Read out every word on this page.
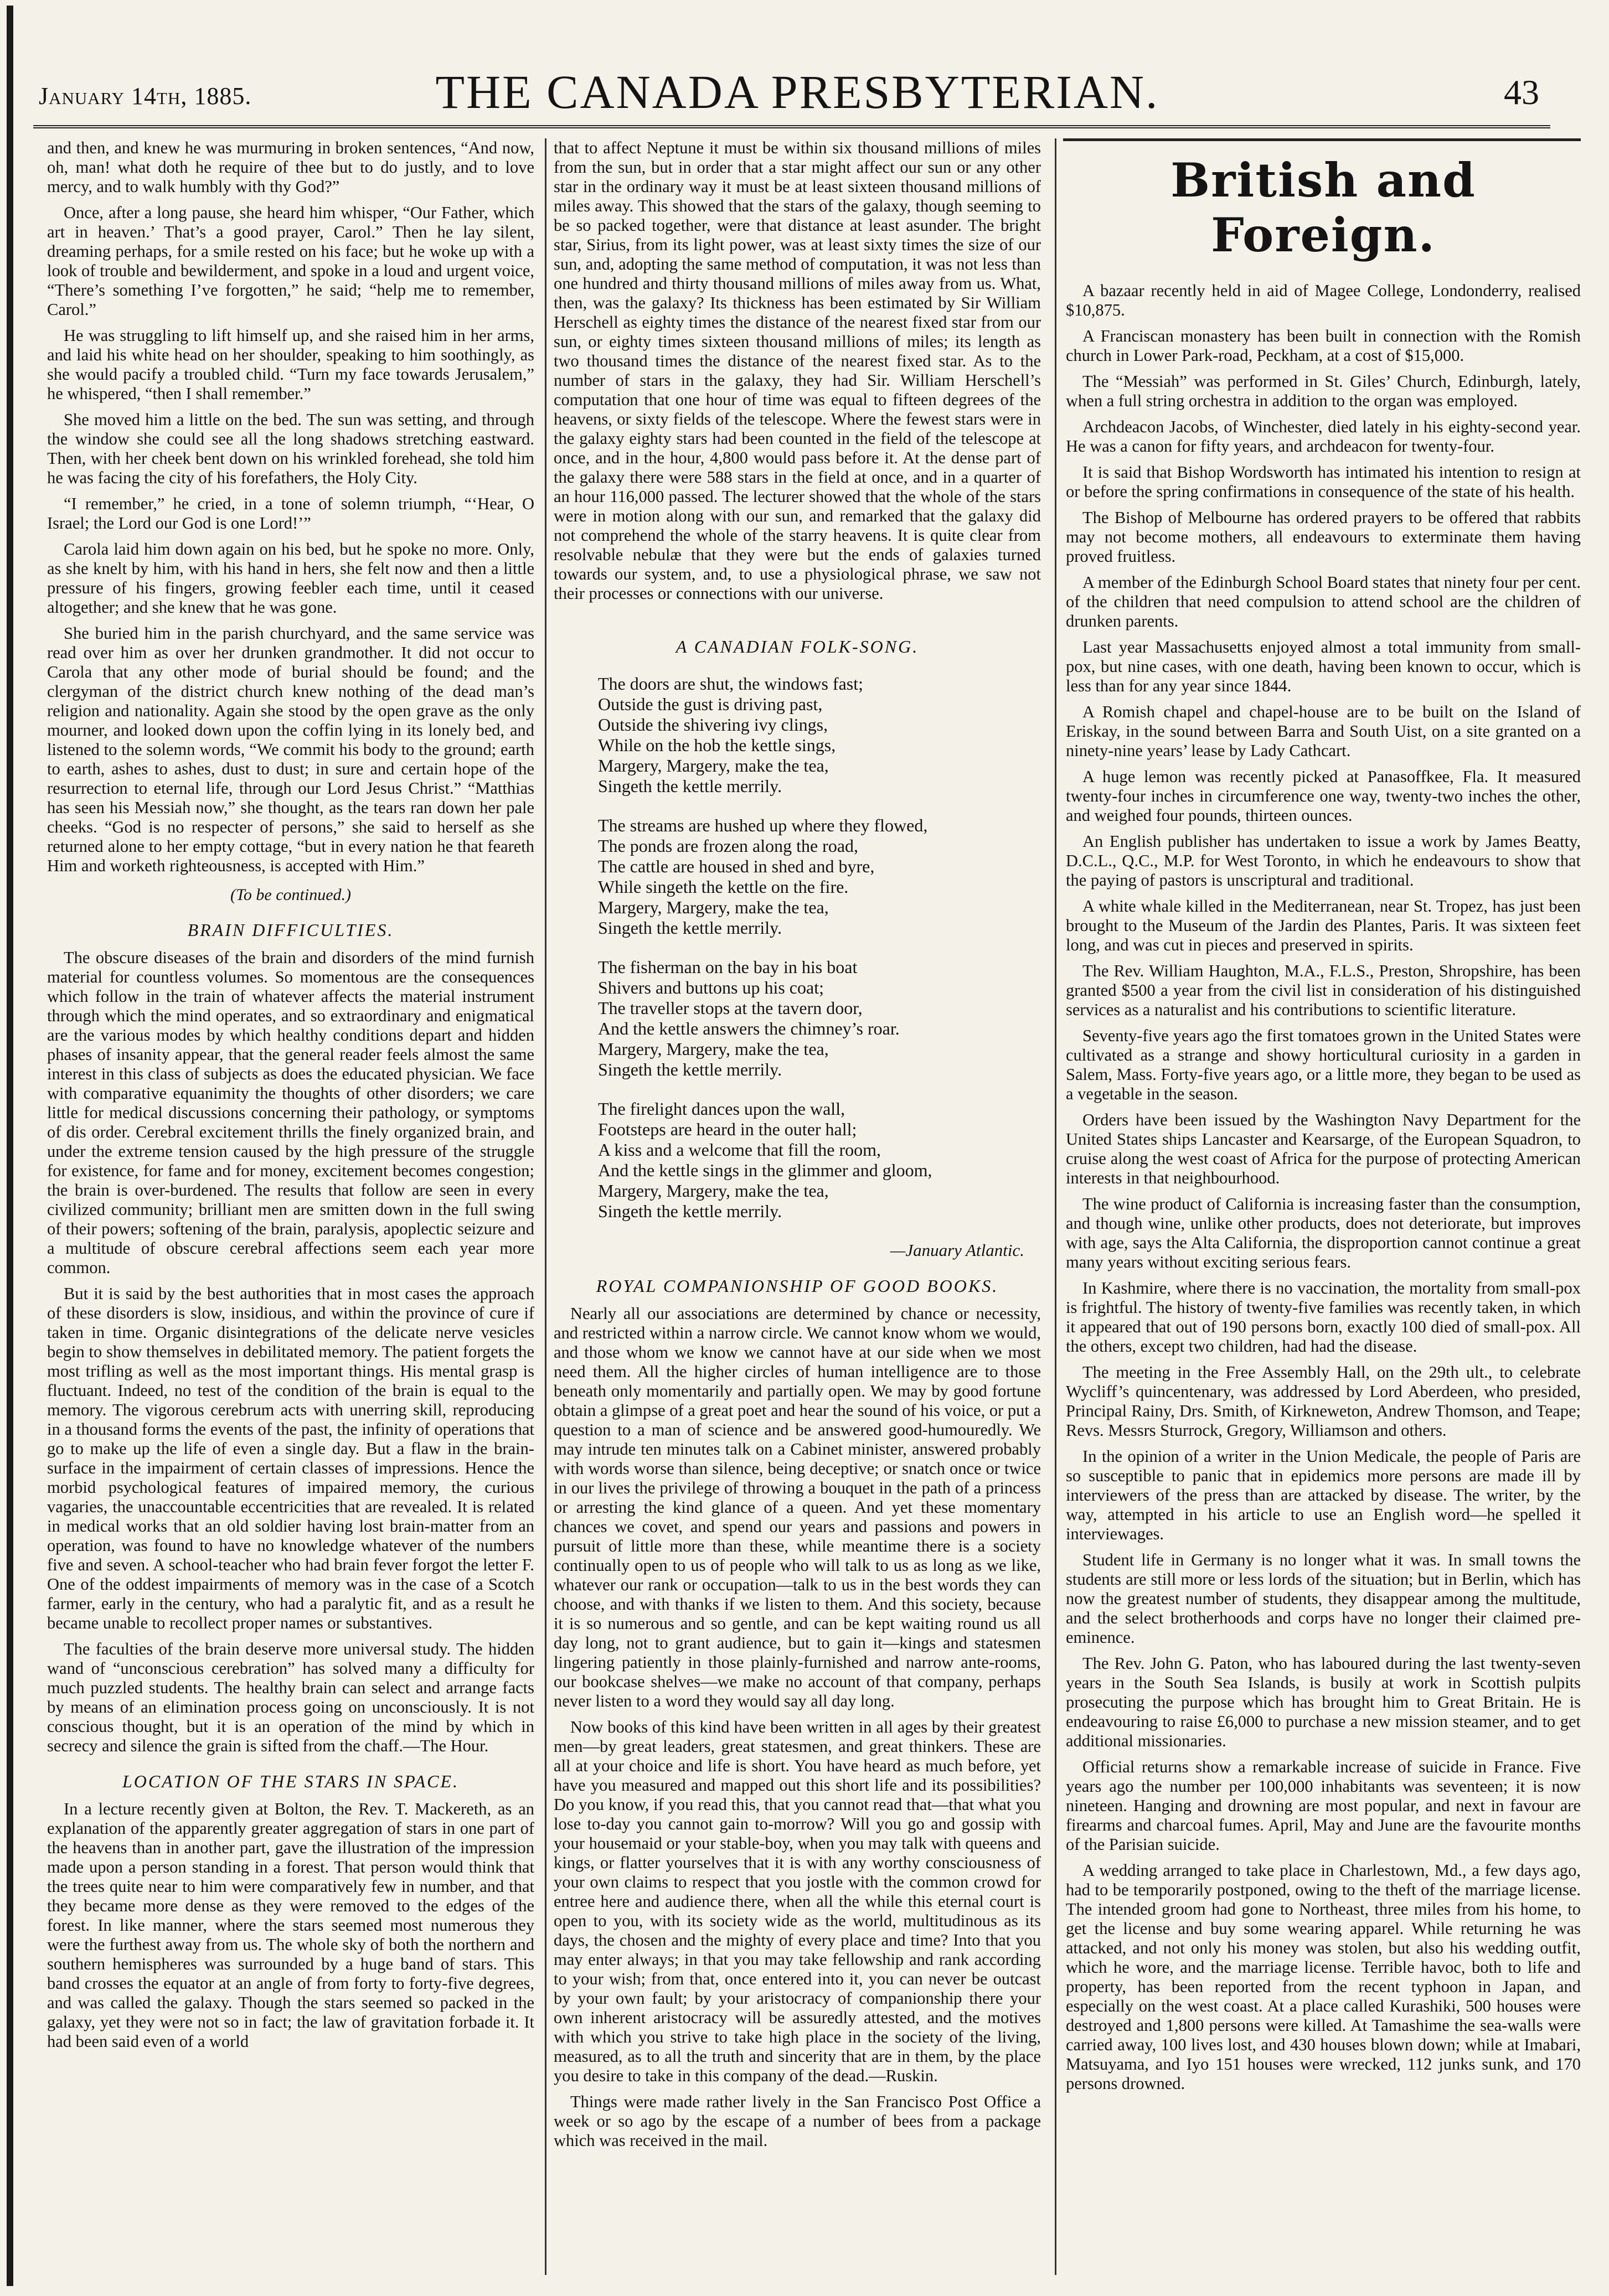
January 14th, 1885.	THE CANADA PRESBYTERIAN.	43

and then, and knew he was murmuring in broken sentences, “And now, oh, man! what doth he require of thee but to do justly, and to love mercy, and to walk humbly with thy God?”

Once, after a long pause, she heard him whisper, “Our Father, which art in heaven.’ That’s a good prayer, Carol.” Then he lay silent, dreaming perhaps, for a smile rested on his face; but he woke up with a look of trouble and bewilderment, and spoke in a loud and urgent voice, “There’s something I’ve forgotten,” he said; “help me to remember, Carol.”

He was struggling to lift himself up, and she raised him in her arms, and laid his white head on her shoulder, speaking to him soothingly, as she would pacify a troubled child. “Turn my face towards Jerusalem,” he whispered, “then I shall remember.”

She moved him a little on the bed. The sun was setting, and through the window she could see all the long shadows stretching eastward. Then, with her cheek bent down on his wrinkled forehead, she told him he was facing the city of his forefathers, the Holy City.

“I remember,” he cried, in a tone of solemn triumph, “‘Hear, O Israel; the Lord our God is one Lord!’”

Carola laid him down again on his bed, but he spoke no more. Only, as she knelt by him, with his hand in hers, she felt now and then a little pressure of his fingers, growing feebler each time, until it ceased altogether; and she knew that he was gone.

She buried him in the parish churchyard, and the same service was read over him as over her drunken grandmother. It did not occur to Carola that any other mode of burial should be found; and the clergyman of the district church knew nothing of the dead man’s religion and nationality. Again she stood by the open grave as the only mourner, and looked down upon the coffin lying in its lonely bed, and listened to the solemn words, “We commit his body to the ground; earth to earth, ashes to ashes, dust to dust; in sure and certain hope of the resurrection to eternal life, through our Lord Jesus Christ.” “Matthias has seen his Messiah now,” she thought, as the tears ran down her pale cheeks. “God is no respecter of persons,” she said to herself as she returned alone to her empty cottage, “but in every nation he that feareth Him and worketh righteousness, is accepted with Him.”

(To be continued.)
BRAIN DIFFICULTIES.

The obscure diseases of the brain and disorders of the mind furnish material for countless volumes. So momentous are the consequences which follow in the train of whatever affects the material instrument through which the mind operates, and so extraordinary and enigmatical are the various modes by which healthy conditions depart and hidden phases of insanity appear, that the general reader feels almost the same interest in this class of subjects as does the educated physician. We face with comparative equanimity the thoughts of other disorders; we care little for medical discussions concerning their pathology, or symptoms of dis order. Cerebral excitement thrills the finely organized brain, and under the extreme tension caused by the high pressure of the struggle for existence, for fame and for money, excitement becomes congestion; the brain is over-burdened. The results that follow are seen in every civilized community; brilliant men are smitten down in the full swing of their powers; softening of the brain, paralysis, apoplectic seizure and a multitude of obscure cerebral affections seem each year more common.

But it is said by the best authorities that in most cases the approach of these disorders is slow, insidious, and within the province of cure if taken in time. Organic disintegrations of the delicate nerve vesicles begin to show themselves in debilitated memory. The patient forgets the most trifling as well as the most important things. His mental grasp is fluctuant. Indeed, no test of the condition of the brain is equal to the memory. The vigorous cerebrum acts with unerring skill, reproducing in a thousand forms the events of the past, the infinity of operations that go to make up the life of even a single day. But a flaw in the brain-surface in the impairment of certain classes of impressions. Hence the morbid psychological features of impaired memory, the curious vagaries, the unaccountable eccentricities that are revealed. It is related in medical works that an old soldier having lost brain-matter from an operation, was found to have no knowledge whatever of the numbers five and seven. A school-teacher who had brain fever forgot the letter F. One of the oddest impairments of memory was in the case of a Scotch farmer, early in the century, who had a paralytic fit, and as a result he became unable to recollect proper names or substantives.

The faculties of the brain deserve more universal study. The hidden wand of “unconscious cerebration” has solved many a difficulty for much puzzled students. The healthy brain can select and arrange facts by means of an elimination process going on unconsciously. It is not conscious thought, but it is an operation of the mind by which in secrecy and silence the grain is sifted from the chaff.—The Hour.

LOCATION OF THE STARS IN SPACE.

In a lecture recently given at Bolton, the Rev. T. Mackereth, as an explanation of the apparently greater aggregation of stars in one part of the heavens than in another part, gave the illustration of the impression made upon a person standing in a forest. That person would think that the trees quite near to him were comparatively few in number, and that they became more dense as they were removed to the edges of the forest. In like manner, where the stars seemed most numerous they were the furthest away from us. The whole sky of both the northern and southern hemispheres was surrounded by a huge band of stars. This band crosses the equator at an angle of from forty to forty-five degrees, and was called the galaxy. Though the stars seemed so packed in the galaxy, yet they were not so in fact; the law of gravitation forbade it. It had been said even of a world

that to affect Neptune it must be within six thousand millions of miles from the sun, but in order that a star might affect our sun or any other star in the ordinary way it must be at least sixteen thousand millions of miles away. This showed that the stars of the galaxy, though seeming to be so packed together, were that distance at least asunder. The bright star, Sirius, from its light power, was at least sixty times the size of our sun, and, adopting the same method of computation, it was not less than one hundred and thirty thousand millions of miles away from us. What, then, was the galaxy? Its thickness has been estimated by Sir William Herschell as eighty times the distance of the nearest fixed star from our sun, or eighty times sixteen thousand millions of miles; its length as two thousand times the distance of the nearest fixed star. As to the number of stars in the galaxy, they had Sir. William Herschell’s computation that one hour of time was equal to fifteen degrees of the heavens, or sixty fields of the telescope. Where the fewest stars were in the galaxy eighty stars had been counted in the field of the telescope at once, and in the hour, 4,800 would pass before it. At the dense part of the galaxy there were 588 stars in the field at once, and in a quarter of an hour 116,000 passed. The lecturer showed that the whole of the stars were in motion along with our sun, and remarked that the galaxy did not comprehend the whole of the starry heavens. It is quite clear from resolvable nebulæ that they were but the ends of galaxies turned towards our system, and, to use a physiological phrase, we saw not their processes or connections with our universe.

A CANADIAN FOLK-SONG.
The doors are shut, the windows fast;
Outside the gust is driving past,
Outside the shivering ivy clings,
While on the hob the kettle sings,
Margery, Margery, make the tea,
Singeth the kettle merrily.
The streams are hushed up where they flowed,
The ponds are frozen along the road,
The cattle are housed in shed and byre,
While singeth the kettle on the fire.
Margery, Margery, make the tea,
Singeth the kettle merrily.
The fisherman on the bay in his boat
Shivers and buttons up his coat;
The traveller stops at the tavern door,
And the kettle answers the chimney’s roar.
Margery, Margery, make the tea,
Singeth the kettle merrily.
The firelight dances upon the wall,
Footsteps are heard in the outer hall;
A kiss and a welcome that fill the room,
And the kettle sings in the glimmer and gloom,
Margery, Margery, make the tea,
Singeth the kettle merrily.
—January Atlantic.
ROYAL COMPANIONSHIP OF GOOD BOOKS.

Nearly all our associations are determined by chance or necessity, and restricted within a narrow circle. We cannot know whom we would, and those whom we know we cannot have at our side when we most need them. All the higher circles of human intelligence are to those beneath only momentarily and partially open. We may by good fortune obtain a glimpse of a great poet and hear the sound of his voice, or put a question to a man of science and be answered good-humouredly. We may intrude ten minutes talk on a Cabinet minister, answered probably with words worse than silence, being deceptive; or snatch once or twice in our lives the privilege of throwing a bouquet in the path of a princess or arresting the kind glance of a queen. And yet these momentary chances we covet, and spend our years and passions and powers in pursuit of little more than these, while meantime there is a society continually open to us of people who will talk to us as long as we like, whatever our rank or occupation—talk to us in the best words they can choose, and with thanks if we listen to them. And this society, because it is so numerous and so gentle, and can be kept waiting round us all day long, not to grant audience, but to gain it—kings and statesmen lingering patiently in those plainly-furnished and narrow ante-rooms, our bookcase shelves—we make no account of that company, perhaps never listen to a word they would say all day long.

Now books of this kind have been written in all ages by their greatest men—by great leaders, great statesmen, and great thinkers. These are all at your choice and life is short. You have heard as much before, yet have you measured and mapped out this short life and its possibilities? Do you know, if you read this, that you cannot read that—that what you lose to-day you cannot gain to-morrow? Will you go and gossip with your housemaid or your stable-boy, when you may talk with queens and kings, or flatter yourselves that it is with any worthy consciousness of your own claims to respect that you jostle with the common crowd for entree here and audience there, when all the while this eternal court is open to you, with its society wide as the world, multitudinous as its days, the chosen and the mighty of every place and time? Into that you may enter always; in that you may take fellowship and rank according to your wish; from that, once entered into it, you can never be outcast by your own fault; by your aristocracy of companionship there your own inherent aristocracy will be assuredly attested, and the motives with which you strive to take high place in the society of the living, measured, as to all the truth and sincerity that are in them, by the place you desire to take in this company of the dead.—Ruskin.

Things were made rather lively in the San Francisco Post Office a week or so ago by the escape of a number of bees from a package which was received in the mail.

British and Foreign.

A bazaar recently held in aid of Magee College, Londonderry, realised $10,875.

A Franciscan monastery has been built in connection with the Romish church in Lower Park-road, Peckham, at a cost of $15,000.

The “Messiah” was performed in St. Giles’ Church, Edinburgh, lately, when a full string orchestra in addition to the organ was employed.

Archdeacon Jacobs, of Winchester, died lately in his eighty-second year. He was a canon for fifty years, and archdeacon for twenty-four.

It is said that Bishop Wordsworth has intimated his intention to resign at or before the spring confirmations in consequence of the state of his health.

The Bishop of Melbourne has ordered prayers to be offered that rabbits may not become mothers, all endeavours to exterminate them having proved fruitless.

A member of the Edinburgh School Board states that ninety four per cent. of the children that need compulsion to attend school are the children of drunken parents.

Last year Massachusetts enjoyed almost a total immunity from small-pox, but nine cases, with one death, having been known to occur, which is less than for any year since 1844.

A Romish chapel and chapel-house are to be built on the Island of Eriskay, in the sound between Barra and South Uist, on a site granted on a ninety-nine years’ lease by Lady Cathcart.

A huge lemon was recently picked at Panasoffkee, Fla. It measured twenty-four inches in circumference one way, twenty-two inches the other, and weighed four pounds, thirteen ounces.

An English publisher has undertaken to issue a work by James Beatty, D.C.L., Q.C., M.P. for West Toronto, in which he endeavours to show that the paying of pastors is unscriptural and traditional.

A white whale killed in the Mediterranean, near St. Tropez, has just been brought to the Museum of the Jardin des Plantes, Paris. It was sixteen feet long, and was cut in pieces and preserved in spirits.

The Rev. William Haughton, M.A., F.L.S., Preston, Shropshire, has been granted $500 a year from the civil list in consideration of his distinguished services as a naturalist and his contributions to scientific literature.

Seventy-five years ago the first tomatoes grown in the United States were cultivated as a strange and showy horticultural curiosity in a garden in Salem, Mass. Forty-five years ago, or a little more, they began to be used as a vegetable in the season.

Orders have been issued by the Washington Navy Department for the United States ships Lancaster and Kearsarge, of the European Squadron, to cruise along the west coast of Africa for the purpose of protecting American interests in that neighbourhood.

The wine product of California is increasing faster than the consumption, and though wine, unlike other products, does not deteriorate, but improves with age, says the Alta California, the disproportion cannot continue a great many years without exciting serious fears.

In Kashmire, where there is no vaccination, the mortality from small-pox is frightful. The history of twenty-five families was recently taken, in which it appeared that out of 190 persons born, exactly 100 died of small-pox. All the others, except two children, had had the disease.

The meeting in the Free Assembly Hall, on the 29th ult., to celebrate Wycliff’s quincentenary, was addressed by Lord Aberdeen, who presided, Principal Rainy, Drs. Smith, of Kirkneweton, Andrew Thomson, and Teape; Revs. Messrs Sturrock, Gregory, Williamson and others.

In the opinion of a writer in the Union Medicale, the people of Paris are so susceptible to panic that in epidemics more persons are made ill by interviewers of the press than are attacked by disease. The writer, by the way, attempted in his article to use an English word—he spelled it interviewages.

Student life in Germany is no longer what it was. In small towns the students are still more or less lords of the situation; but in Berlin, which has now the greatest number of students, they disappear among the multitude, and the select brotherhoods and corps have no longer their claimed pre-eminence.

The Rev. John G. Paton, who has laboured during the last twenty-seven years in the South Sea Islands, is busily at work in Scottish pulpits prosecuting the purpose which has brought him to Great Britain. He is endeavouring to raise £6,000 to purchase a new mission steamer, and to get additional missionaries.

Official returns show a remarkable increase of suicide in France. Five years ago the number per 100,000 inhabitants was seventeen; it is now nineteen. Hanging and drowning are most popular, and next in favour are firearms and charcoal fumes. April, May and June are the favourite months of the Parisian suicide.

A wedding arranged to take place in Charlestown, Md., a few days ago, had to be temporarily postponed, owing to the theft of the marriage license. The intended groom had gone to Northeast, three miles from his home, to get the license and buy some wearing apparel. While returning he was attacked, and not only his money was stolen, but also his wedding outfit, which he wore, and the marriage license. Terrible havoc, both to life and property, has been reported from the recent typhoon in Japan, and especially on the west coast. At a place called Kurashiki, 500 houses were destroyed and 1,800 persons were killed. At Tamashime the sea-walls were carried away, 100 lives lost, and 430 houses blown down; while at Imabari, Matsuyama, and Iyo 151 houses were wrecked, 112 junks sunk, and 170 persons drowned.
